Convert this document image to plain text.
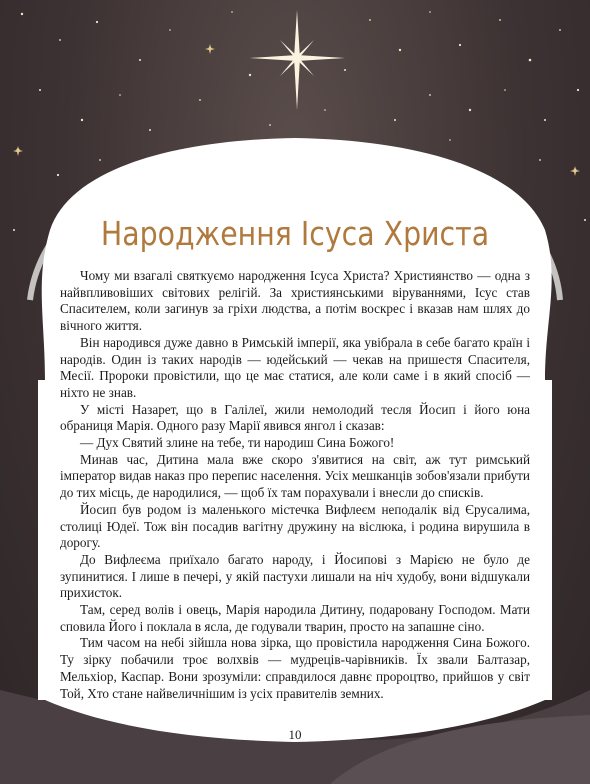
Народження Ісуса Христа

Чому ми взагалі святкуємо народження Ісуса Христа? Християнство — одна з найвпливовіших світових релігій. За християнськими віруваннями, Ісус став Спасителем, коли загинув за гріхи людства, а потім воскрес і вказав нам шлях до вічного життя.

Він народився дуже давно в Римській імперії, яка увібрала в себе багато країн і народів. Один із таких народів — юдейський — чекав на пришестя Спасителя, Месії. Пророки провістили, що це має статися, але коли саме і в який спосіб — ніхто не знав.

У місті Назарет, що в Галілеї, жили немолодий тесля Йосип і його юна обраниця Марія. Одного разу Марії явився янгол і сказав:

— Дух Святий злине на тебе, ти народиш Сина Божого!

Минав час, Дитина мала вже скоро з'явитися на світ, аж тут римський імператор видав наказ про перепис населення. Усіх мешканців зобов'язали прибути до тих місць, де народилися, — щоб їх там порахували і внесли до списків.

Йосип був родом із маленького містечка Вифлеєм неподалік від Єрусалима, столиці Юдеї. Тож він посадив вагітну дружину на віслюка, і родина вирушила в дорогу.

До Вифлеєма приїхало багато народу, і Йосипові з Марією не було де зупинитися. І лише в печері, у якій пастухи лишали на ніч худобу, вони відшукали прихисток.

Там, серед волів і овець, Марія народила Дитину, подаровану Господом. Мати сповила Його і поклала в ясла, де годували тварин, просто на запашне сіно.

Тим часом на небі зійшла нова зірка, що провістила народження Сина Божого. Ту зірку побачили троє волхвів — мудреців-чарівників. Їх звали Балтазар, Мельхіор, Каспар. Вони зрозуміли: справдилося давнє пророцтво, прийшов у світ Той, Хто стане найвеличнішим із усіх правителів земних.

10
